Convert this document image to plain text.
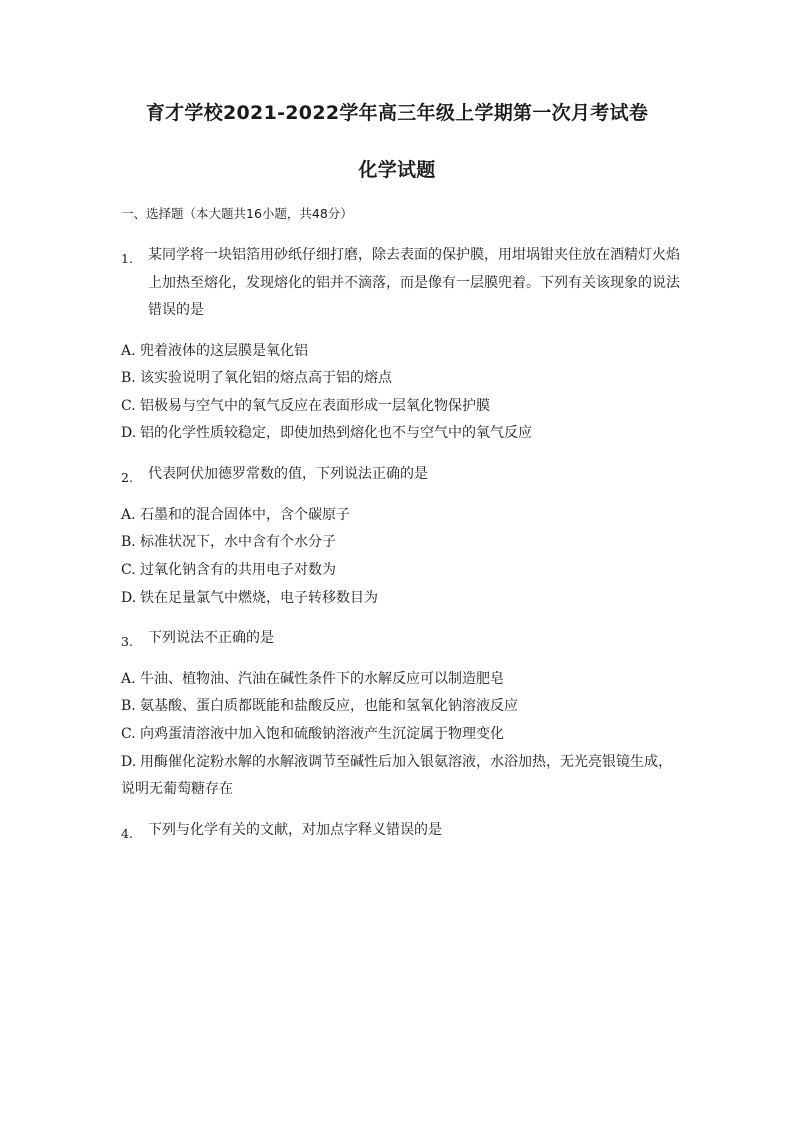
育才学校2021-2022学年高三年级上学期第一次月考试卷
化学试题
一、选择题（本大题共16小题，共48分）
1. 某同学将一块铝箔用砂纸仔细打磨，除去表面的保护膜，用坩埚钳夹住放在酒精灯火焰
上加热至熔化，发现熔化的铝并不滴落，而是像有一层膜兜着。下列有关该现象的说法
错误的是
A. 兜着液体的这层膜是氧化铝
B. 该实验说明了氧化铝的熔点高于铝的熔点
C. 铝极易与空气中的氧气反应在表面形成一层氧化物保护膜
D. 铝的化学性质较稳定，即使加热到熔化也不与空气中的氧气反应
2. 代表阿伏加德罗常数的值，下列说法正确的是
A. 石墨和的混合固体中，含个碳原子
B. 标准状况下，水中含有个水分子
C. 过氧化钠含有的共用电子对数为
D. 铁在足量氯气中燃烧，电子转移数目为
3. 下列说法不正确的是
A. 牛油、植物油、汽油在碱性条件下的水解反应可以制造肥皂
B. 氨基酸、蛋白质都既能和盐酸反应，也能和氢氧化钠溶液反应
C. 向鸡蛋清溶液中加入饱和硫酸钠溶液产生沉淀属于物理变化
D. 用酶催化淀粉水解的水解液调节至碱性后加入银氨溶液，水浴加热，无光亮银镜生成，
说明无葡萄糖存在
4. 下列与化学有关的文献，对加点字释义错误的是
